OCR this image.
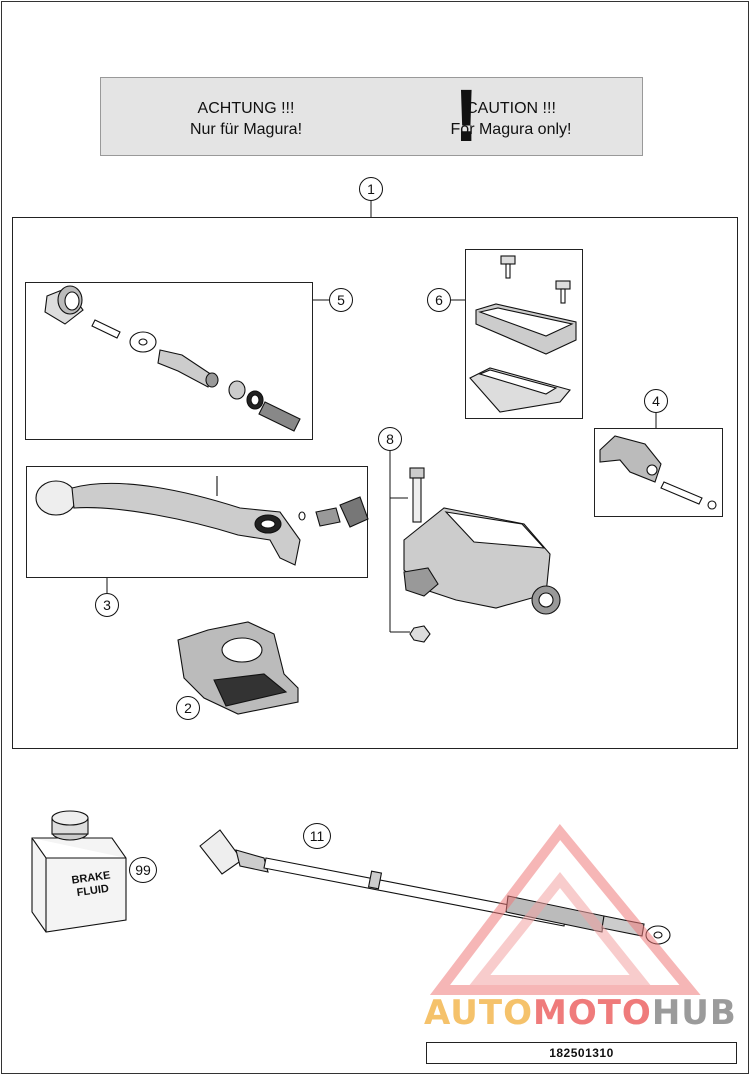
ACHTUNG !!!
Nur für Magura!	!
CAUTION !!!
For Magura only!
BRAKE
FLUID
1
2
3
4
5	6
8
11
99
AUTOMOTOHUB
182501310
